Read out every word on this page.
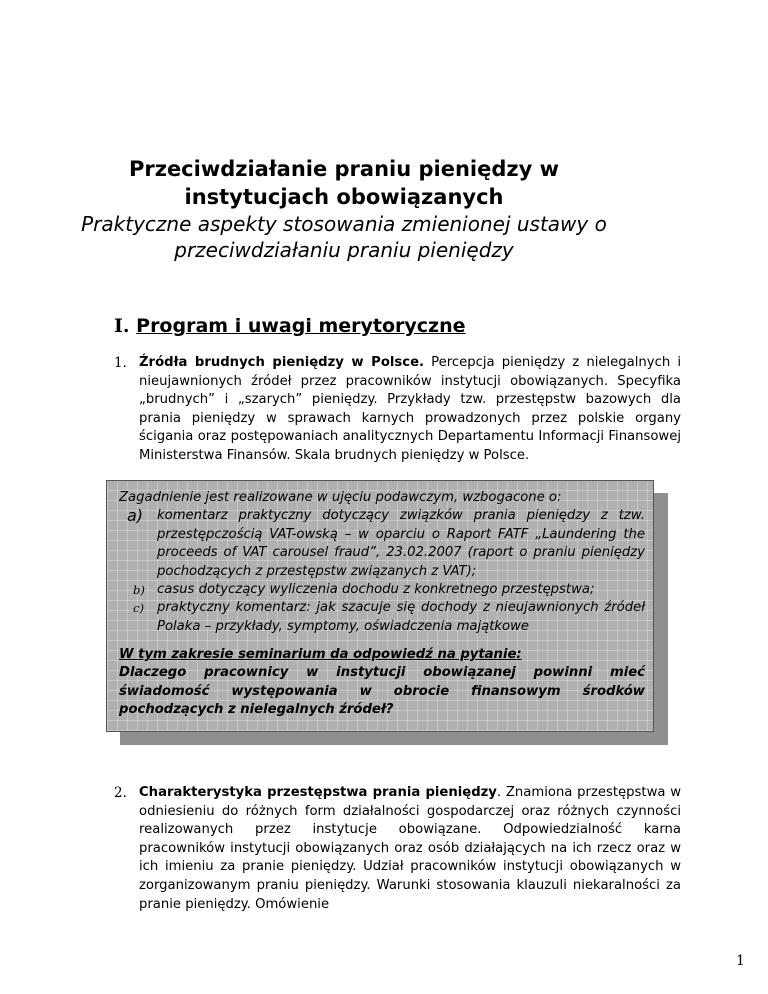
Przeciwdziałanie praniu pieniędzy w
instytucjach obowiązanych
Praktyczne aspekty stosowania zmienionej ustawy o
przeciwdziałaniu praniu pieniędzy
I. Program i uwagi merytoryczne
1. Źródła brudnych pieniędzy w Polsce. Percepcja pieniędzy z nielegalnych i nieujawnionych źródeł przez pracowników instytucji obowiązanych. Specyfika „brudnych” i „szarych” pieniędzy. Przykłady tzw. przestępstw bazowych dla prania pieniędzy w sprawach karnych prowadzonych przez polskie organy ścigania oraz postępowaniach analitycznych Departamentu Informacji Finansowej Ministerstwa Finansów. Skala brudnych pieniędzy w Polsce.
Zagadnienie jest realizowane w ujęciu podawczym, wzbogacone o:
a) komentarz praktyczny dotyczący związków prania pieniędzy z tzw. przestępczością VAT-owską – w oparciu o Raport FATF „Laundering the proceeds of VAT carousel fraud”, 23.02.2007 (raport o praniu pieniędzy pochodzących z przestępstw związanych z VAT);
b) casus dotyczący wyliczenia dochodu z konkretnego przestępstwa;
c) praktyczny komentarz: jak szacuje się dochody z nieujawnionych źródeł Polaka – przykłady, symptomy, oświadczenia majątkowe
W tym zakresie seminarium da odpowiedź na pytanie:
Dlaczego pracownicy w instytucji obowiązanej powinni mieć świadomość występowania w obrocie finansowym środków pochodzących z nielegalnych źródeł?
2. Charakterystyka przestępstwa prania pieniędzy. Znamiona przestępstwa w odniesieniu do różnych form działalności gospodarczej oraz różnych czynności realizowanych przez instytucje obowiązane. Odpowiedzialność karna pracowników instytucji obowiązanych oraz osób działających na ich rzecz oraz w ich imieniu za pranie pieniędzy. Udział pracowników instytucji obowiązanych w zorganizowanym praniu pieniędzy. Warunki stosowania klauzuli niekaralności za pranie pieniędzy. Omówienie
1
